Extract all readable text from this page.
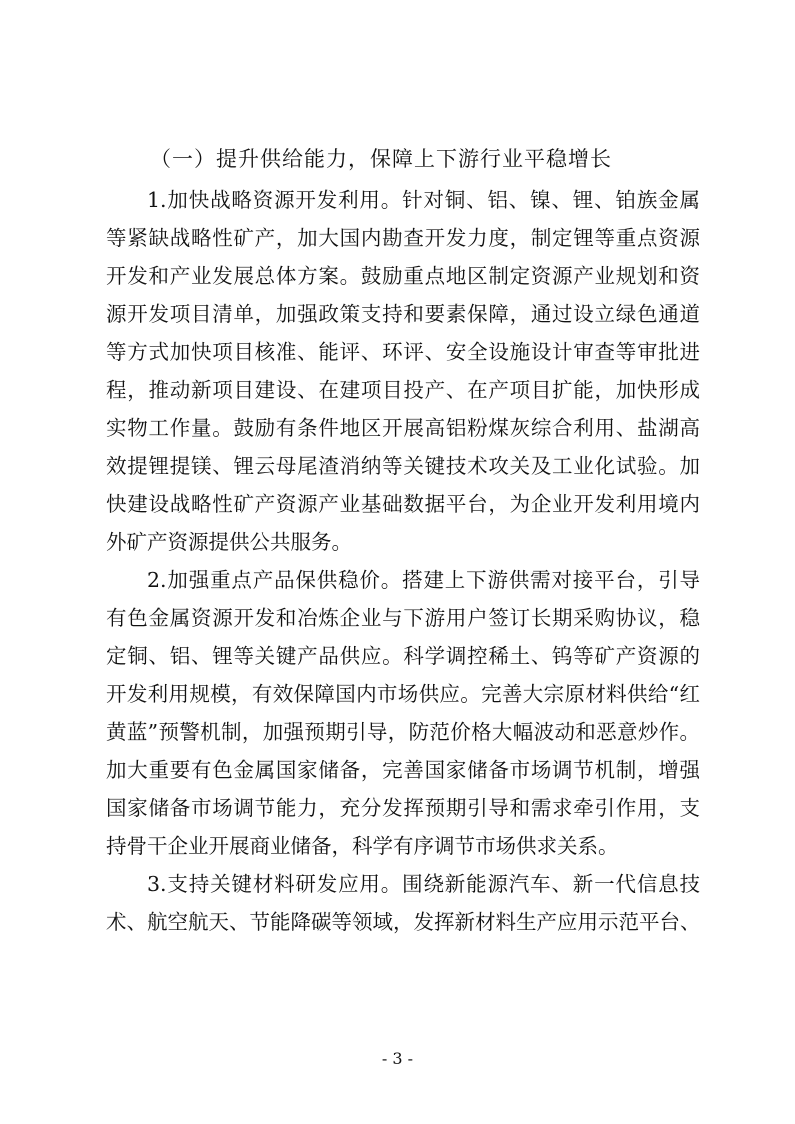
（一）提升供给能力，保障上下游行业平稳增长
1.加快战略资源开发利用。针对铜、铝、镍、锂、铂族金属
等紧缺战略性矿产，加大国内勘查开发力度，制定锂等重点资源
开发和产业发展总体方案。鼓励重点地区制定资源产业规划和资
源开发项目清单，加强政策支持和要素保障，通过设立绿色通道
等方式加快项目核准、能评、环评、安全设施设计审查等审批进
程，推动新项目建设、在建项目投产、在产项目扩能，加快形成
实物工作量。鼓励有条件地区开展高铝粉煤灰综合利用、盐湖高
效提锂提镁、锂云母尾渣消纳等关键技术攻关及工业化试验。加
快建设战略性矿产资源产业基础数据平台，为企业开发利用境内
外矿产资源提供公共服务。
2.加强重点产品保供稳价。搭建上下游供需对接平台，引导
有色金属资源开发和冶炼企业与下游用户签订长期采购协议，稳
定铜、铝、锂等关键产品供应。科学调控稀土、钨等矿产资源的
开发利用规模，有效保障国内市场供应。完善大宗原材料供给“红
黄蓝”预警机制，加强预期引导，防范价格大幅波动和恶意炒作。
加大重要有色金属国家储备，完善国家储备市场调节机制，增强
国家储备市场调节能力，充分发挥预期引导和需求牵引作用，支
持骨干企业开展商业储备，科学有序调节市场供求关系。
3.支持关键材料研发应用。围绕新能源汽车、新一代信息技
术、航空航天、节能降碳等领域，发挥新材料生产应用示范平台、
- 3 -
